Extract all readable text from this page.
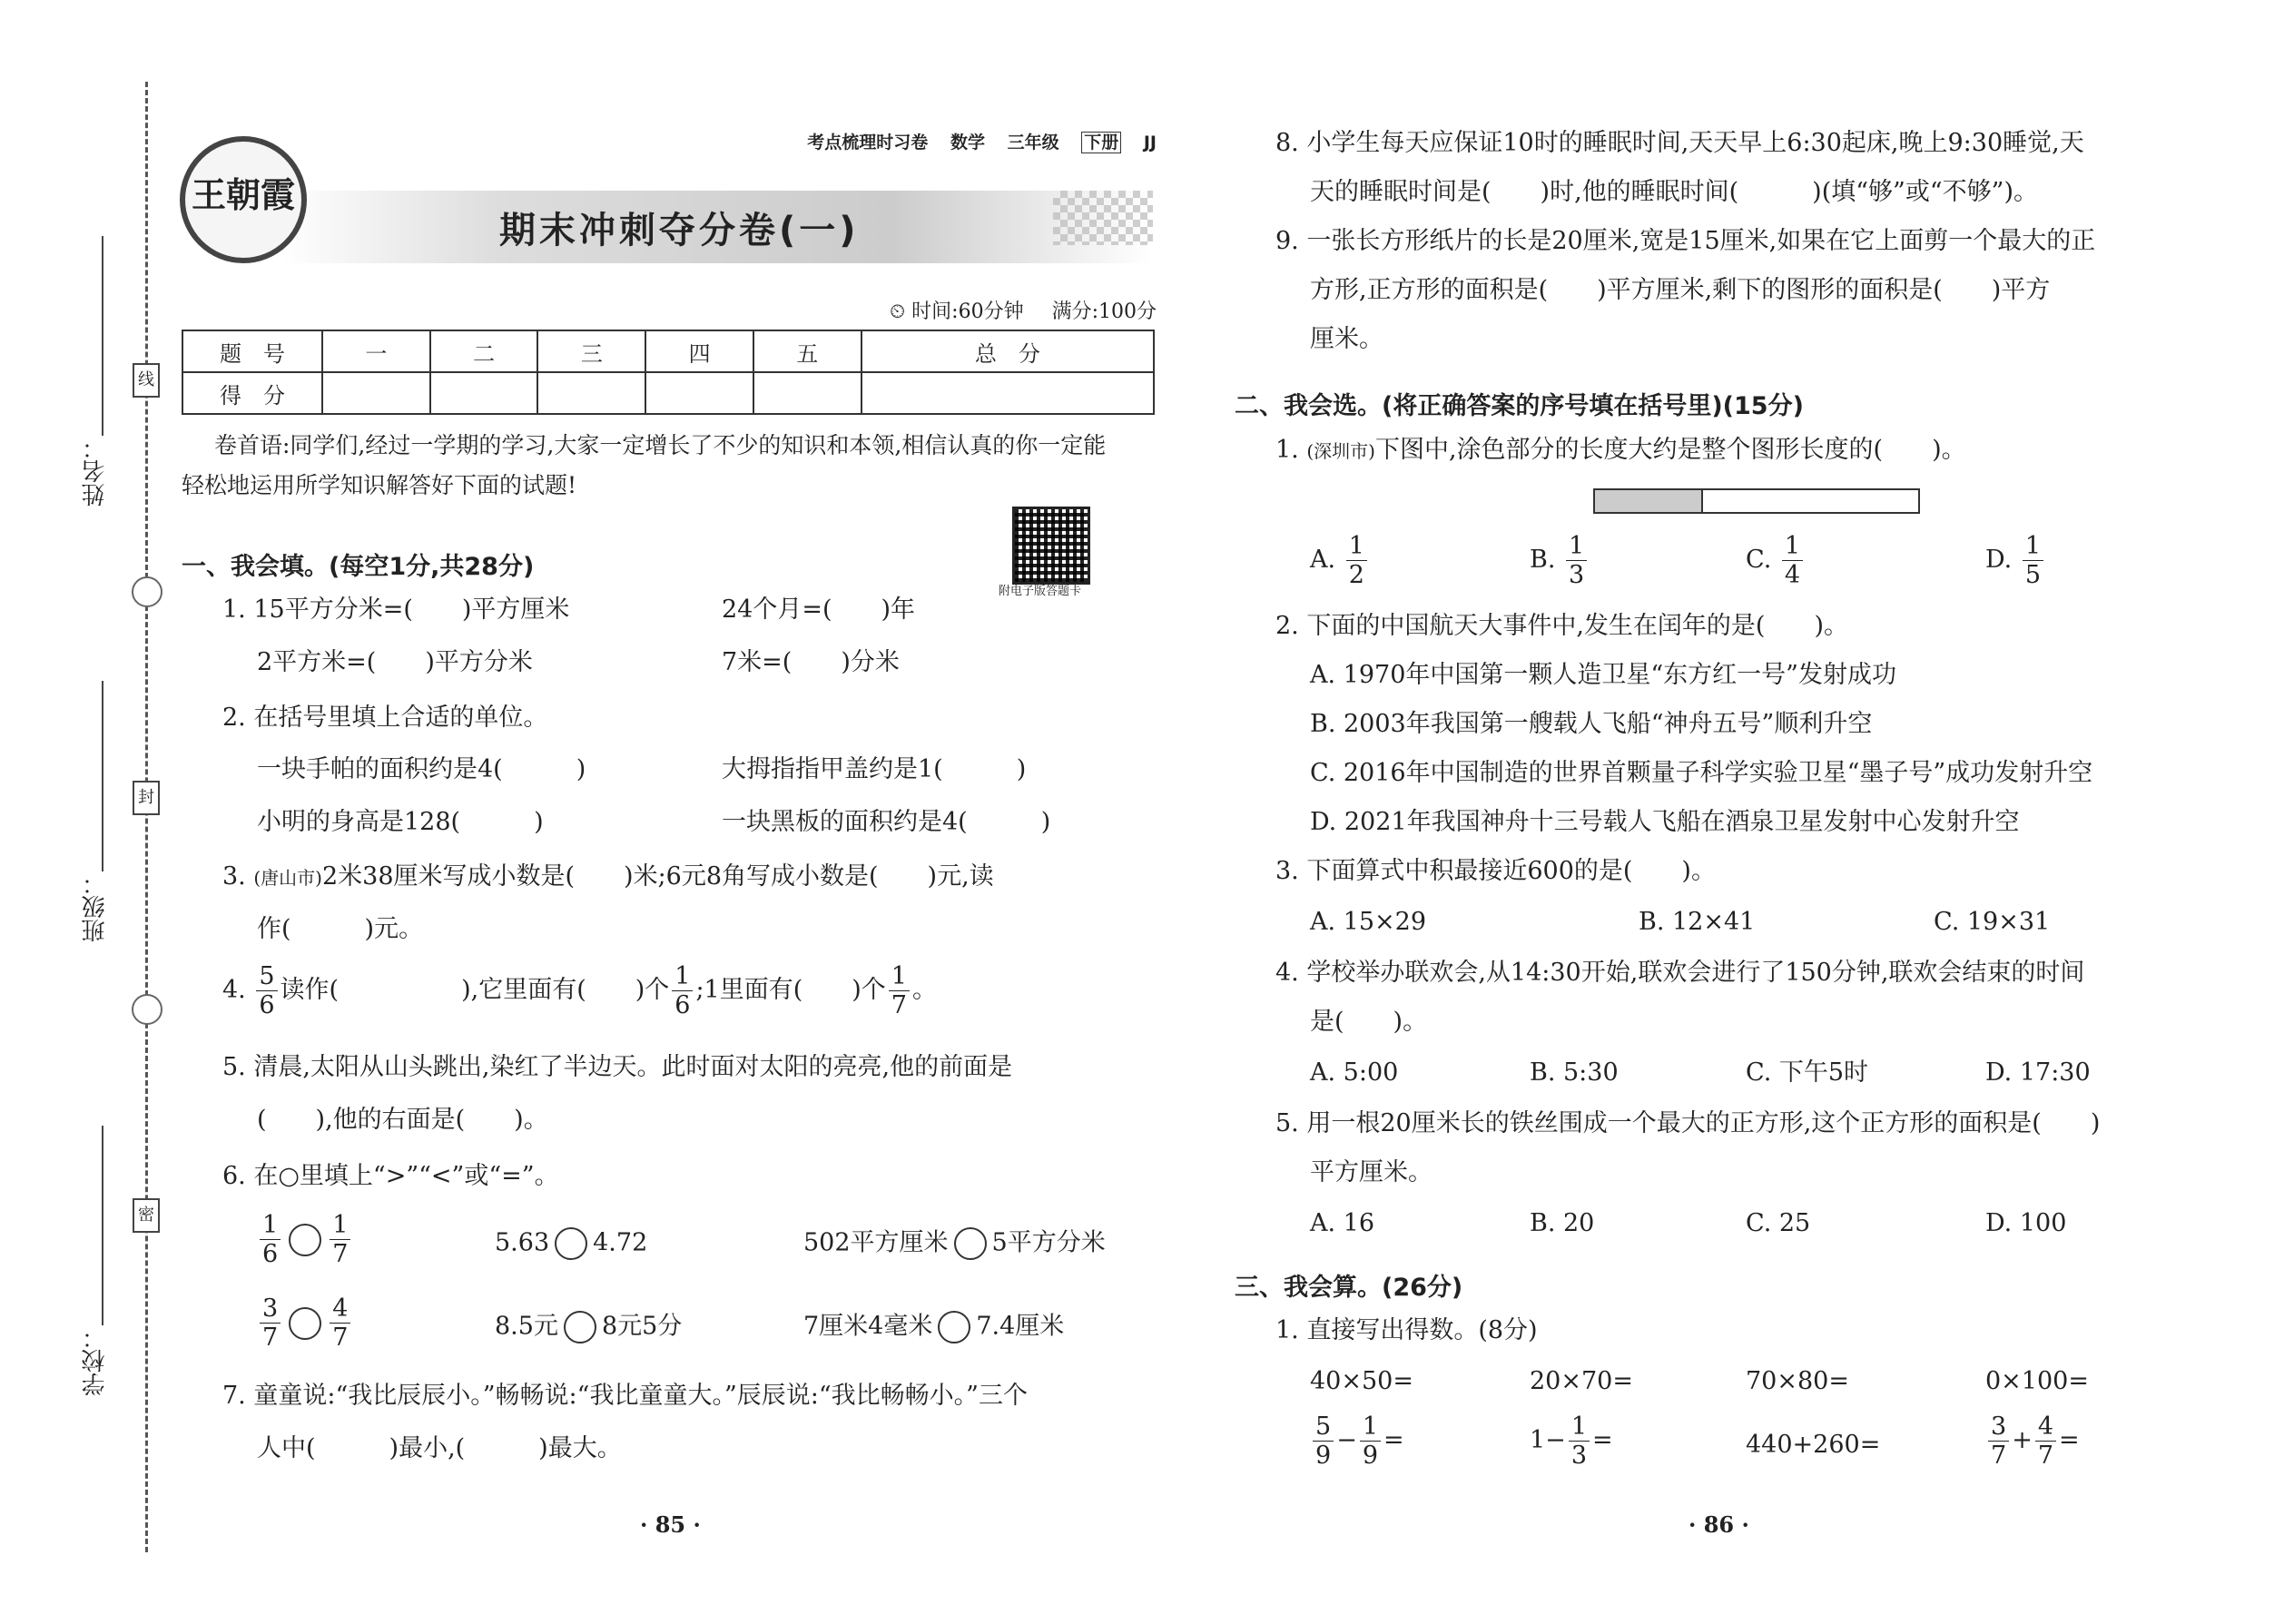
姓名：
班级：
学校：
线
封
密
王朝霞
考点梳理时习卷 数学 三年级 下册 JJ
期末冲刺夺分卷(一)
⏲ 时间:60分钟 满分:100分
题　号	一	二	三	四	五	总　分
得　分						
卷首语:同学们,经过一学期的学习,大家一定增长了不少的知识和本领,相信认真的你一定能
轻松地运用所学知识解答好下面的试题!
附电子版答题卡
一、我会填。(每空1分,共28分)
1. 15平方分米=(　　)平方厘米	24个月=(　　)年
2平方米=(　　)平方分米	7米=(　　)分米
2. 在括号里填上合适的单位。
一块手帕的面积约是4(　　　)	大拇指指甲盖约是1(　　　)
小明的身高是128(　　　)	一块黑板的面积约是4(　　　)
3. (唐山市)2米38厘米写成小数是(　　)米;6元8角写成小数是(　　)元,读
作(　　　)元。
4. $\frac{5}{6}$ 读作(　　　　　),它里面有(　　)个 $\frac{1}{6}$ ;1里面有(　　)个 $\frac{1}{7}$ 。
5. 清晨,太阳从山头跳出,染红了半边天。此时面对太阳的亮亮,他的前面是
(　　),他的右面是(　　)。
6. 在○里填上“>”“<”或“=”。
$\frac{1}{6} \frac{1}{7}$	5.63 4.72	502平方厘米 5平方分米
$\frac{3}{7} \frac{4}{7}$	8.5元 8元5分	7厘米4毫米 7.4厘米
7. 童童说:“我比辰辰小。”畅畅说:“我比童童大。”辰辰说:“我比畅畅小。”三个
人中(　　　)最小,(　　　)最大。
· 85 ·
8. 小学生每天应保证10时的睡眠时间,天天早上6:30起床,晚上9:30睡觉,天
天的睡眠时间是(　　)时,他的睡眠时间(　　　)(填“够”或“不够”)。
9. 一张长方形纸片的长是20厘米,宽是15厘米,如果在它上面剪一个最大的正
方形,正方形的面积是(　　)平方厘米,剩下的图形的面积是(　　)平方
厘米。
二、我会选。(将正确答案的序号填在括号里)(15分)
1. (深圳市)下图中,涂色部分的长度大约是整个图形长度的(　　)。
A. $\frac{1}{2}$	B. $\frac{1}{3}$	C. $\frac{1}{4}$	D. $\frac{1}{5}$
2. 下面的中国航天大事件中,发生在闰年的是(　　)。
A. 1970年中国第一颗人造卫星“东方红一号”发射成功
B. 2003年我国第一艘载人飞船“神舟五号”顺利升空
C. 2016年中国制造的世界首颗量子科学实验卫星“墨子号”成功发射升空
D. 2021年我国神舟十三号载人飞船在酒泉卫星发射中心发射升空
3. 下面算式中积最接近600的是(　　)。
A. 15×29	B. 12×41	C. 19×31
4. 学校举办联欢会,从14:30开始,联欢会进行了150分钟,联欢会结束的时间
是(　　)。
A. 5:00	B. 5:30	C. 下午5时	D. 17:30
5. 用一根20厘米长的铁丝围成一个最大的正方形,这个正方形的面积是(　　)
平方厘米。
A. 16	B. 20	C. 25	D. 100
三、我会算。(26分)
1. 直接写出得数。(8分)
40×50=	20×70=	70×80=	0×100=
$\frac{5}{9} - \frac{1}{9}$ =	$1- \frac{1}{3}$ =	440+260=	$\frac{3}{7} + \frac{4}{7}$ =
· 86 ·
